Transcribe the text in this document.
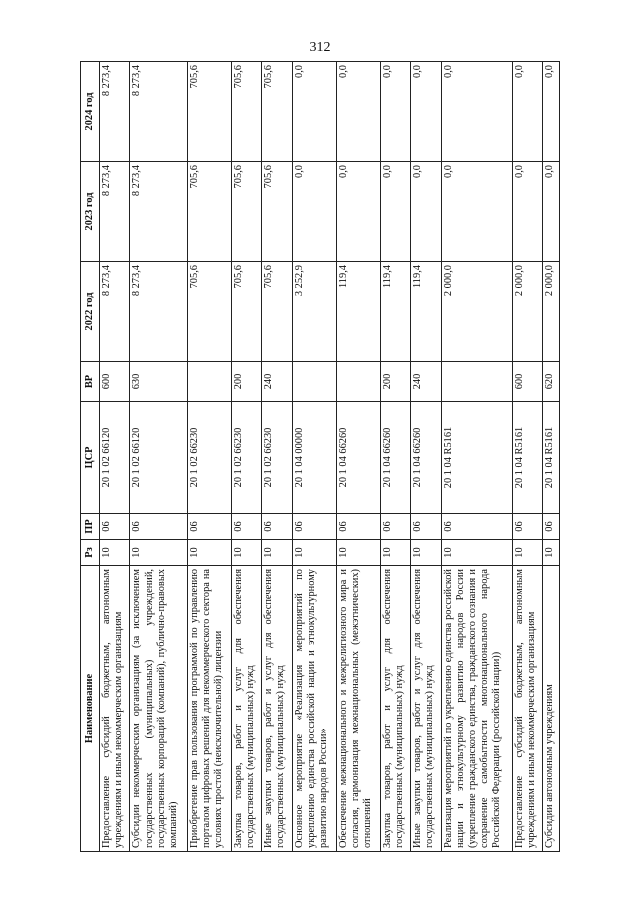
312
Наименование	Рз	ПР	ЦСР	ВР	2022 год	2023 год	2024 год
Предоставление субсидий бюджетным, автономным учреждениям и иным некоммерческим организациям	10	06	20 1 02 66120	600	8 273,4	8 273,4	8 273,4
Субсидии некоммерческим организациям (за исключением государственных (муниципальных) учреждений, государственных корпораций (компаний), публично-правовых компаний)	10	06	20 1 02 66120	630	8 273,4	8 273,4	8 273,4
Приобретение прав пользования программой по управлению порталом цифровых решений для некоммерческого сектора на условиях простой (неисключительной) лицензии	10	06	20 1 02 66230		705,6	705,6	705,6
Закупка товаров, работ и услуг для обеспечения государственных (муниципальных) нужд	10	06	20 1 02 66230	200	705,6	705,6	705,6
Иные закупки товаров, работ и услуг для обеспечения государственных (муниципальных) нужд	10	06	20 1 02 66230	240	705,6	705,6	705,6
Основное мероприятие «Реализация мероприятий по укреплению единства российской нации и этнокультурному развитию народов России»	10	06	20 1 04 00000		3 252,9	0,0	0,0
Обеспечение межнационального и межрелигиозного мира и согласия, гармонизация межнациональных (межэтнических) отношений	10	06	20 1 04 66260		119,4	0,0	0,0
Закупка товаров, работ и услуг для обеспечения государственных (муниципальных) нужд	10	06	20 1 04 66260	200	119,4	0,0	0,0
Иные закупки товаров, работ и услуг для обеспечения государственных (муниципальных) нужд	10	06	20 1 04 66260	240	119,4	0,0	0,0
Реализация мероприятий по укреплению единства российской нации и этнокультурному развитию народов России (укрепление гражданского единства, гражданского сознания и сохранение самобытности многонационального народа Российской Федерации (российской нации))	10	06	20 1 04 R5161		2 000,0	0,0	0,0
Предоставление субсидий бюджетным, автономным учреждениям и иным некоммерческим организациям	10	06	20 1 04 R5161	600	2 000,0	0,0	0,0
Субсидии автономным учреждениям	10	06	20 1 04 R5161	620	2 000,0	0,0	0,0
